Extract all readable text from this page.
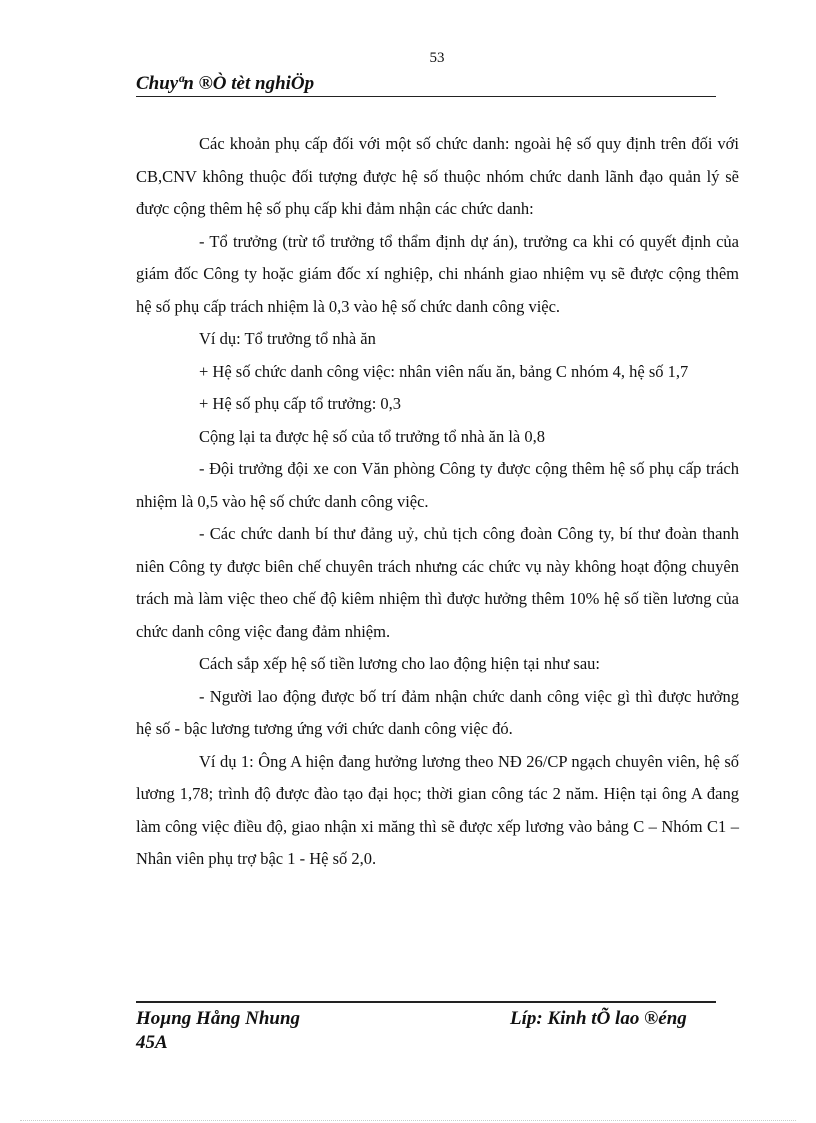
53
Chuyªn ®Ò tèt nghiÖp

Các khoản phụ cấp đối với một số chức danh: ngoài hệ số quy định trên đối với CB,CNV không thuộc đối tượng được hệ số thuộc nhóm chức danh lãnh đạo quản lý sẽ được cộng thêm hệ số phụ cấp khi đảm nhận các chức danh:

- Tổ trưởng (trừ tổ trưởng tổ thẩm định dự án), trưởng ca khi có quyết định của giám đốc Công ty hoặc giám đốc xí nghiệp, chi nhánh giao nhiệm vụ sẽ được cộng thêm hệ số phụ cấp trách nhiệm là 0,3 vào hệ số chức danh công việc.

Ví dụ: Tổ trưởng tổ nhà ăn

+ Hệ số chức danh công việc: nhân viên nấu ăn, bảng C nhóm 4, hệ số 1,7

+ Hệ số phụ cấp tổ trưởng: 0,3

Cộng lại ta được hệ số của tổ trưởng tổ nhà ăn là 0,8

- Đội trưởng đội xe con Văn phòng Công ty được cộng thêm hệ số phụ cấp trách nhiệm là 0,5 vào hệ số chức danh công việc.

- Các chức danh bí thư đảng uỷ, chủ tịch công đoàn Công ty, bí thư đoàn thanh niên Công ty được biên chế chuyên trách nhưng các chức vụ này không hoạt động chuyên trách mà làm việc theo chế độ kiêm nhiệm thì được hưởng thêm 10% hệ số tiền lương của chức danh công việc đang đảm nhiệm.

Cách sắp xếp hệ số tiền lương cho lao động hiện tại như sau:

- Người lao động được bố trí đảm nhận chức danh công việc gì thì được hưởng hệ số - bậc lương tương ứng với chức danh công việc đó.

Ví dụ 1: Ông A hiện đang hưởng lương theo NĐ 26/CP ngạch chuyên viên, hệ số lương 1,78; trình độ được đào tạo đại học; thời gian công tác 2 năm. Hiện tại ông A đang làm công việc điều độ, giao nhận xi măng thì sẽ được xếp lương vào bảng C – Nhóm C1 – Nhân viên phụ trợ bậc 1 - Hệ số 2,0.

Hoµng Hång Nhung
45A
Líp: Kinh tÕ lao ®éng
